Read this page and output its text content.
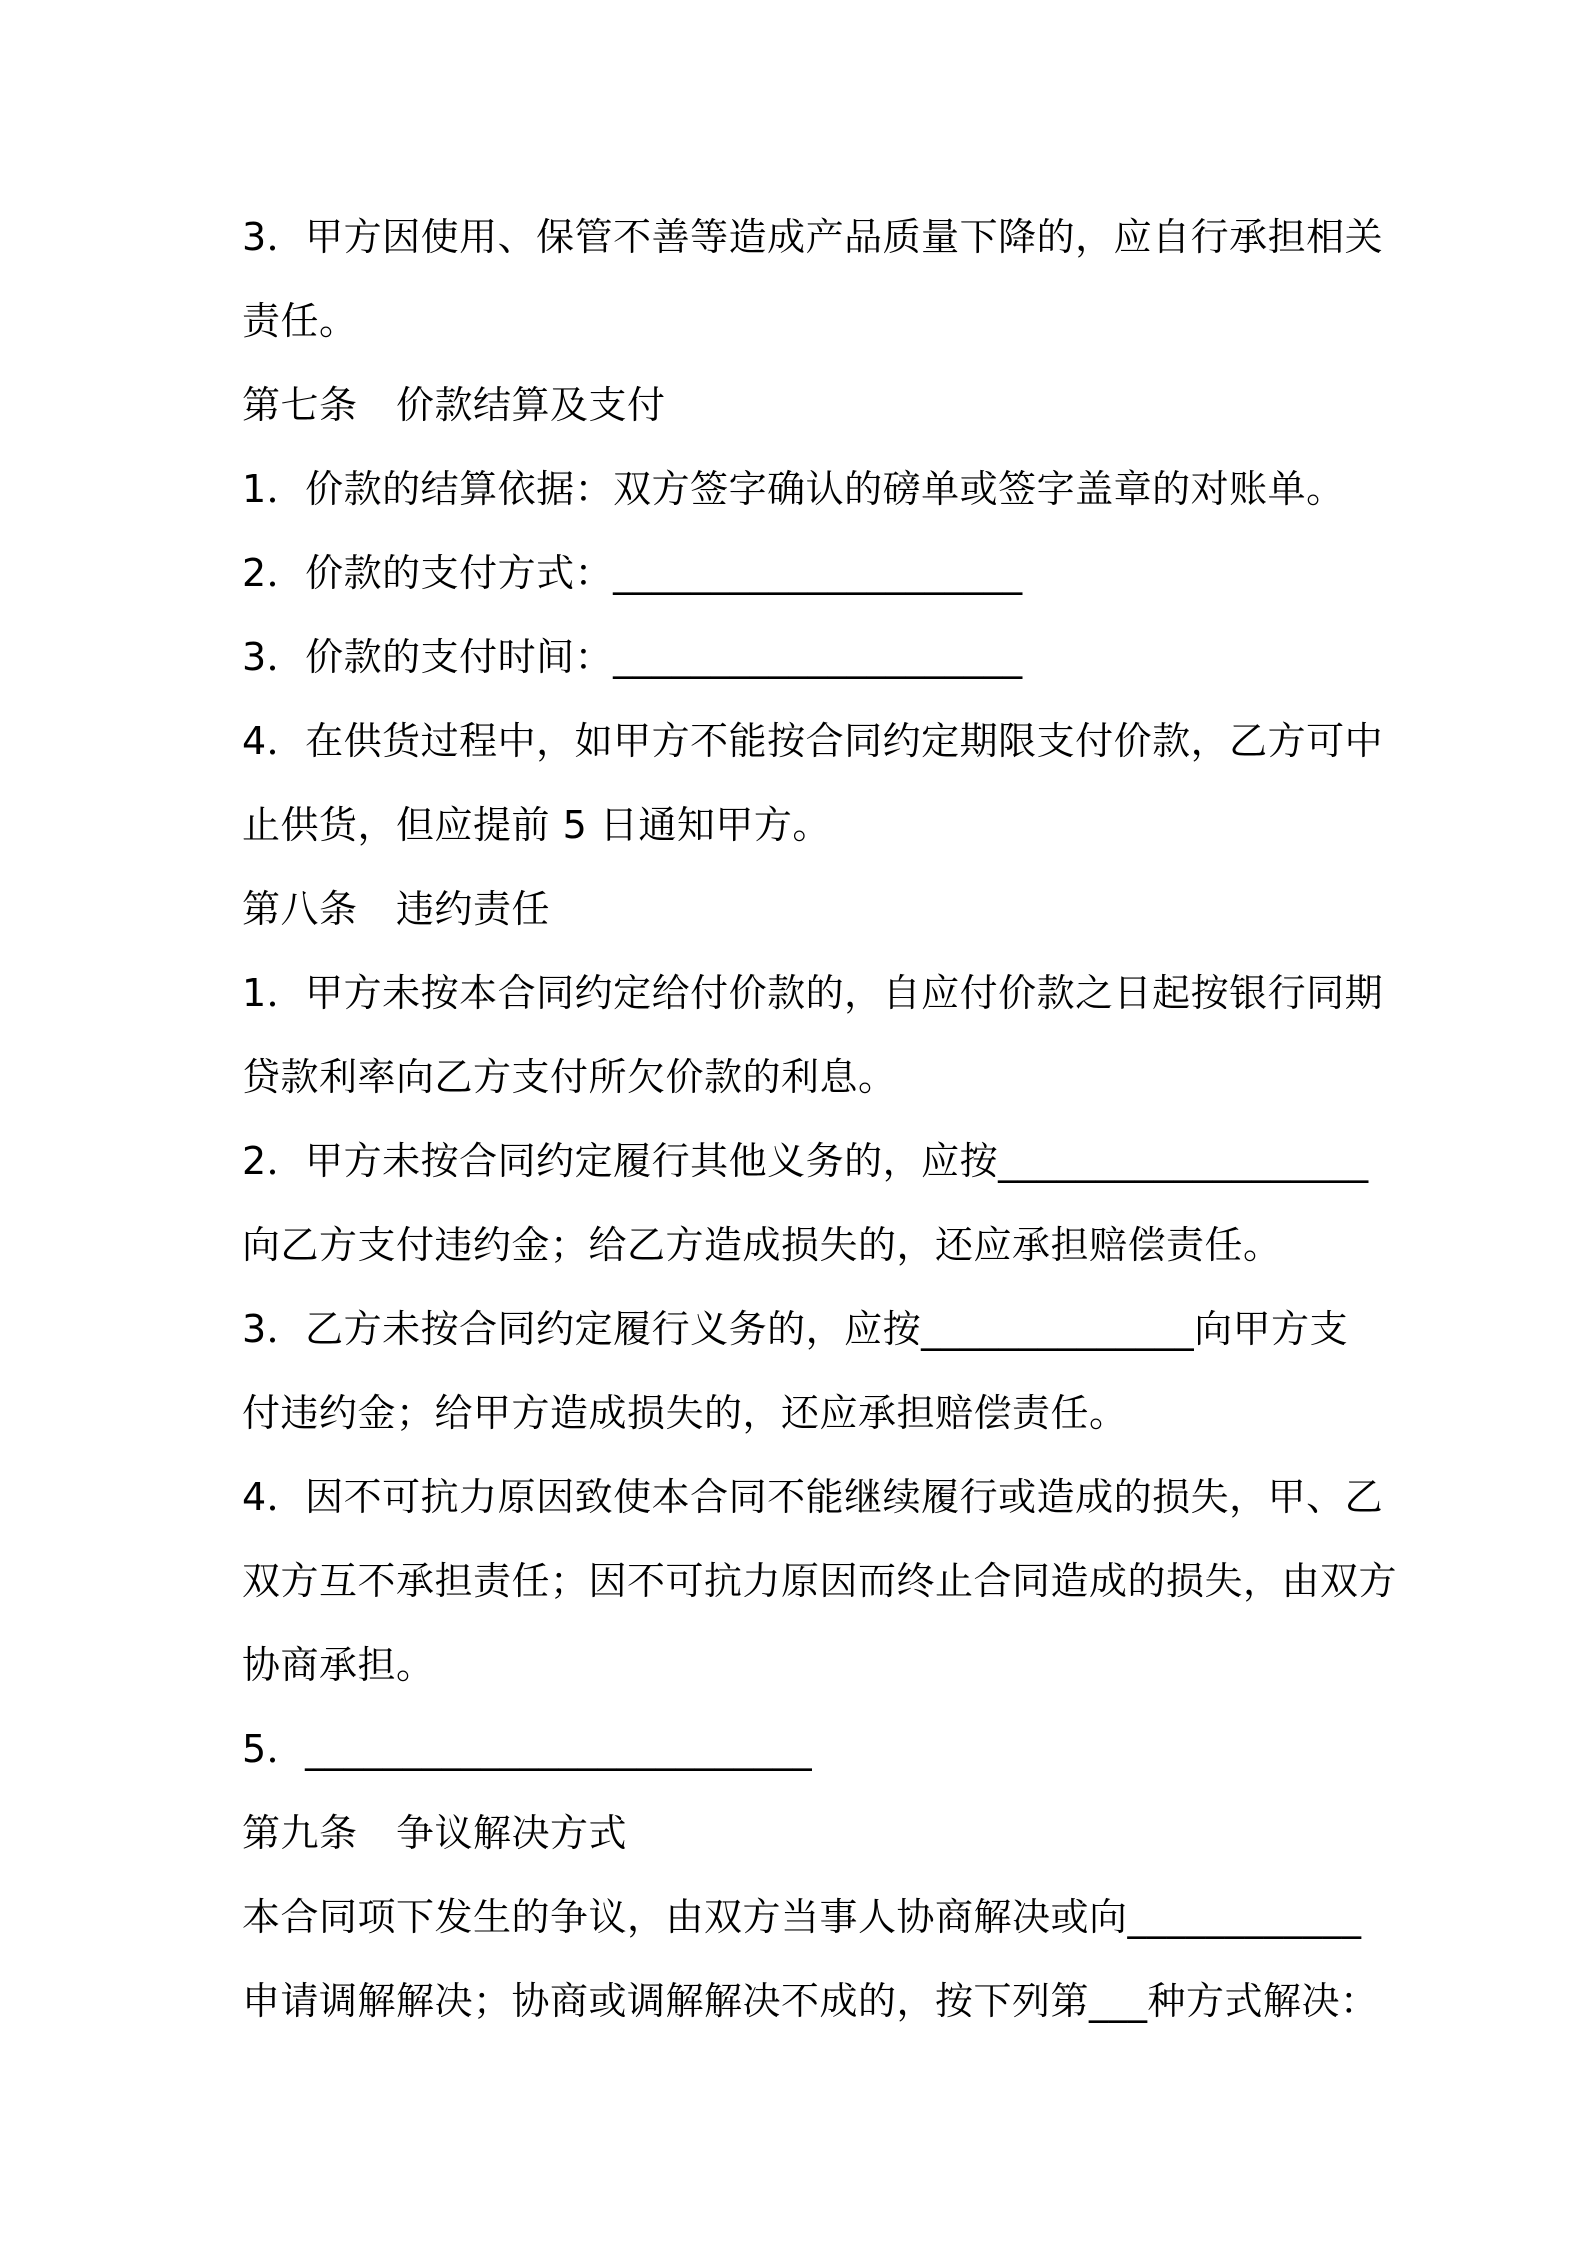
3．甲方因使用、保管不善等造成产品质量下降的，应自行承担相关
责任。
第七条　价款结算及支付
1．价款的结算依据：双方签字确认的磅单或签字盖章的对账单。
2．价款的支付方式：_____________________
3．价款的支付时间：_____________________
4．在供货过程中，如甲方不能按合同约定期限支付价款，乙方可中
止供货，但应提前 5 日通知甲方。
第八条　违约责任
1．甲方未按本合同约定给付价款的，自应付价款之日起按银行同期
贷款利率向乙方支付所欠价款的利息。
2．甲方未按合同约定履行其他义务的，应按___________________
向乙方支付违约金；给乙方造成损失的，还应承担赔偿责任。
3．乙方未按合同约定履行义务的，应按______________向甲方支
付违约金；给甲方造成损失的，还应承担赔偿责任。
4．因不可抗力原因致使本合同不能继续履行或造成的损失，甲、乙
双方互不承担责任；因不可抗力原因而终止合同造成的损失，由双方
协商承担。
5．__________________________
第九条　争议解决方式
本合同项下发生的争议，由双方当事人协商解决或向____________
申请调解解决；协商或调解解决不成的，按下列第___种方式解决：
